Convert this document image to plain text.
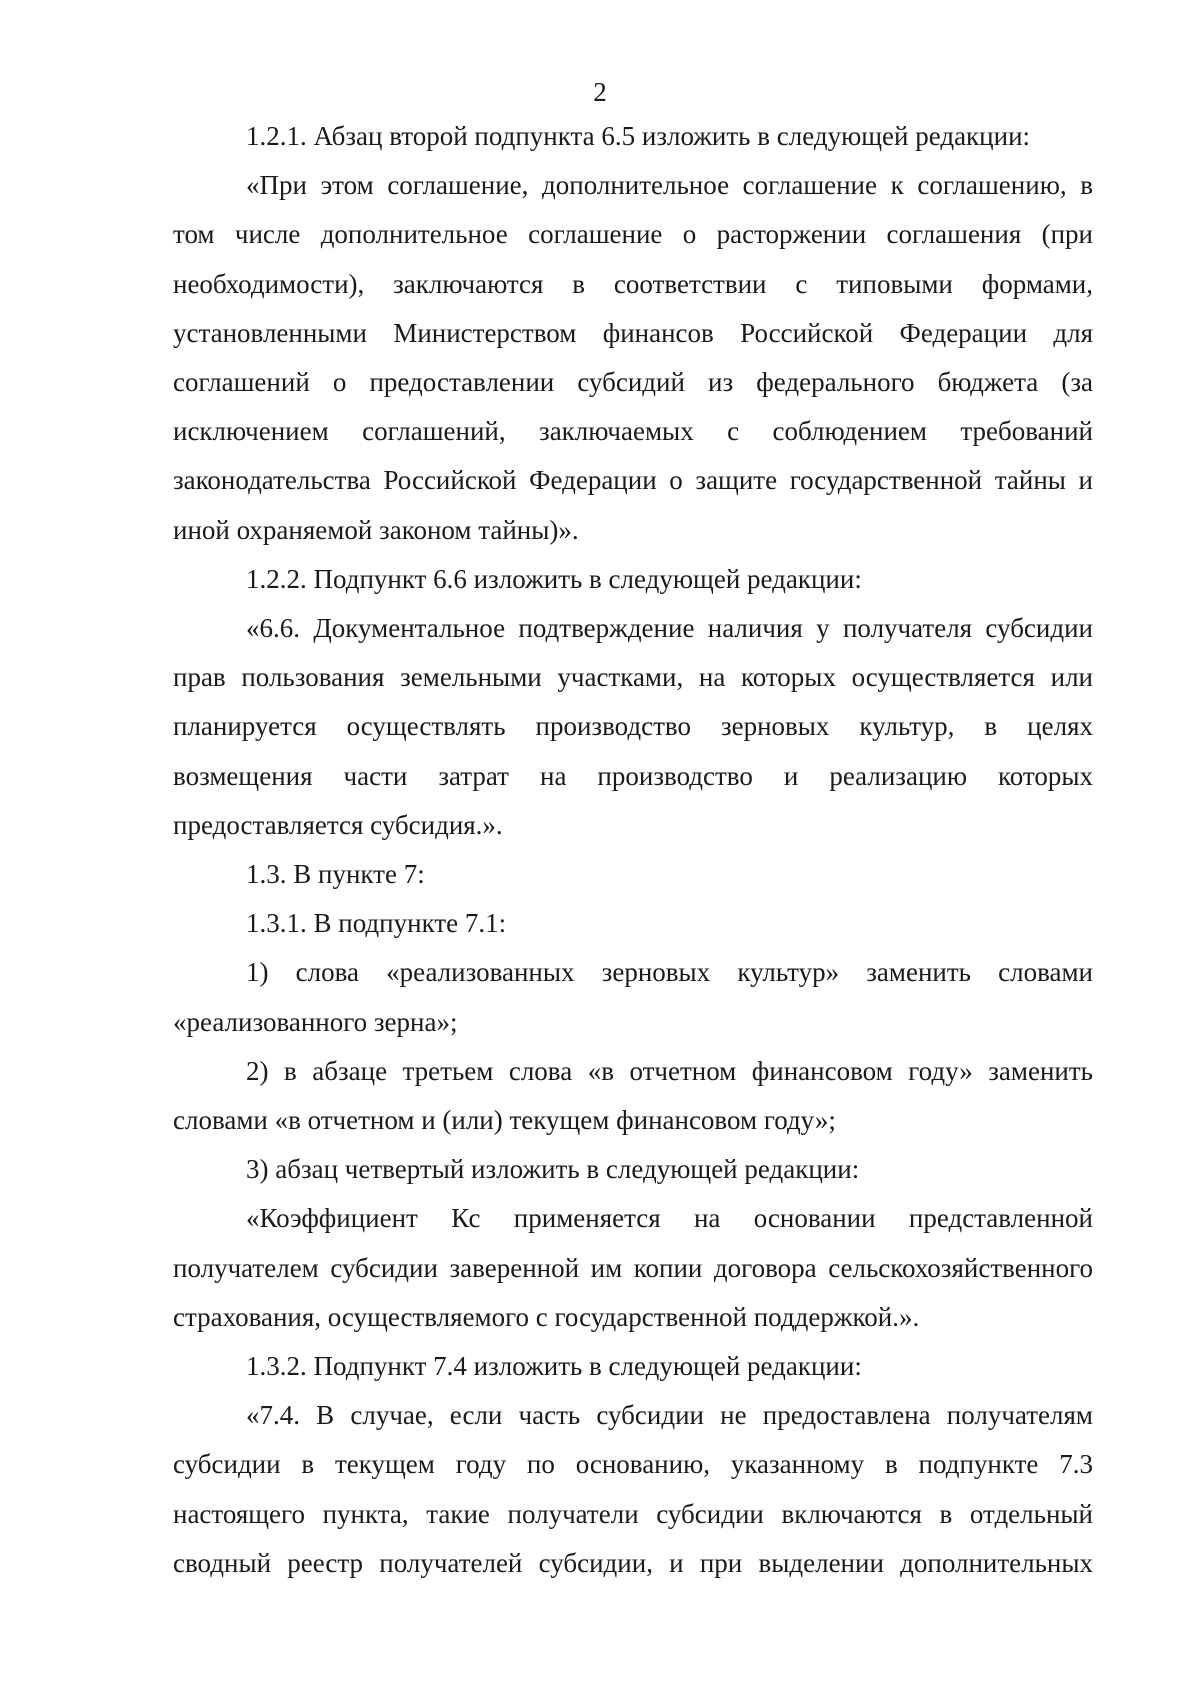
2

1.2.1. Абзац второй подпункта 6.5 изложить в следующей редакции:

«При этом соглашение, дополнительное соглашение к соглашению, в том числе дополнительное соглашение о расторжении соглашения (при необходимости), заключаются в соответствии с типовыми формами, установленными Министерством финансов Российской Федерации для соглашений о предоставлении субсидий из федерального бюджета (за исключением соглашений, заключаемых с соблюдением требований законодательства Российской Федерации о защите государственной тайны и иной охраняемой законом тайны)».

1.2.2. Подпункт 6.6 изложить в следующей редакции:

«6.6. Документальное подтверждение наличия у получателя субсидии прав пользования земельными участками, на которых осуществляется или планируется осуществлять производство зерновых культур, в целях возмещения части затрат на производство и реализацию которых предоставляется субсидия.».

1.3. В пункте 7:

1.3.1. В подпункте 7.1:

1) слова «реализованных зерновых культур» заменить словами «реализованного зерна»;

2) в абзаце третьем слова «в отчетном финансовом году» заменить словами «в отчетном и (или) текущем финансовом году»;

3) абзац четвертый изложить в следующей редакции:

«Коэффициент Кс применяется на основании представленной получателем субсидии заверенной им копии договора сельскохозяйственного страхования, осуществляемого с государственной поддержкой.».

1.3.2. Подпункт 7.4 изложить в следующей редакции:

«7.4. В случае, если часть субсидии не предоставлена получателям субсидии в текущем году по основанию, указанному в подпункте 7.3 настоящего пункта, такие получатели субсидии включаются в отдельный сводный реестр получателей субсидии, и при выделении дополнительных
